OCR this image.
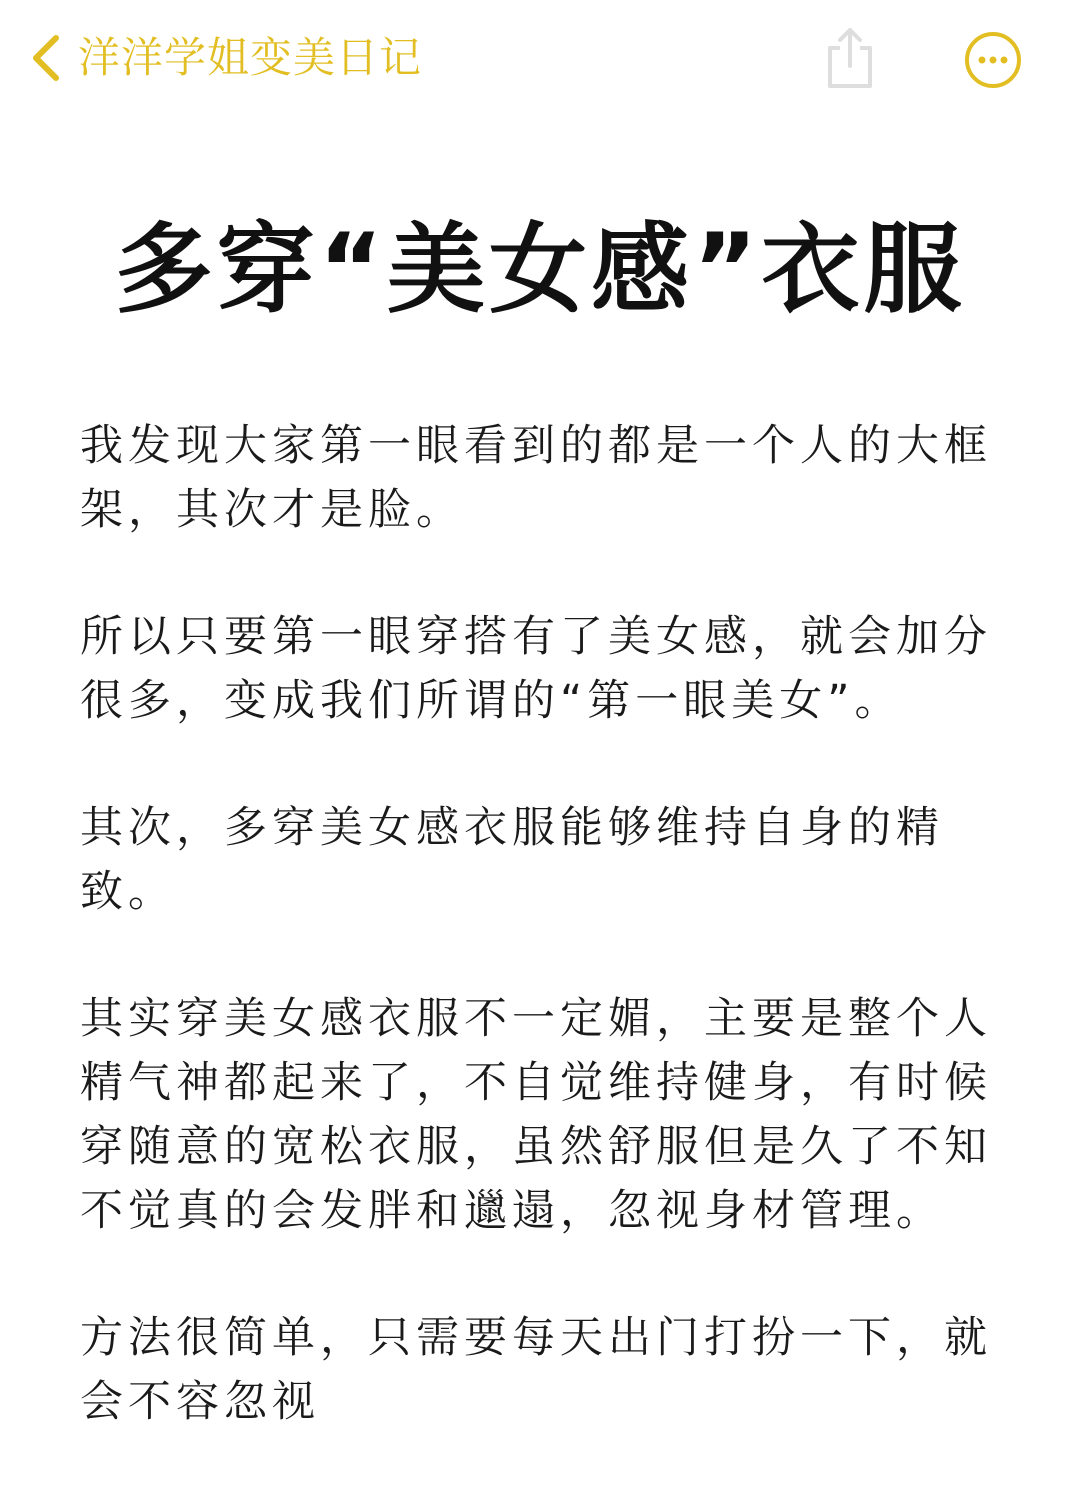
洋洋学姐变美日记
多穿“美女感”衣服

我发现大家第一眼看到的都是一个人的大框架，其次才是脸。

所以只要第一眼穿搭有了美女感，就会加分很多，变成我们所谓的“第一眼美女”。

其次，多穿美女感衣服能够维持自身的精致。

其实穿美女感衣服不一定媚，主要是整个人精气神都起来了，不自觉维持健身，有时候穿随意的宽松衣服，虽然舒服但是久了不知不觉真的会发胖和邋遢，忽视身材管理。

方法很简单，只需要每天出门打扮一下，就会不容忽视
